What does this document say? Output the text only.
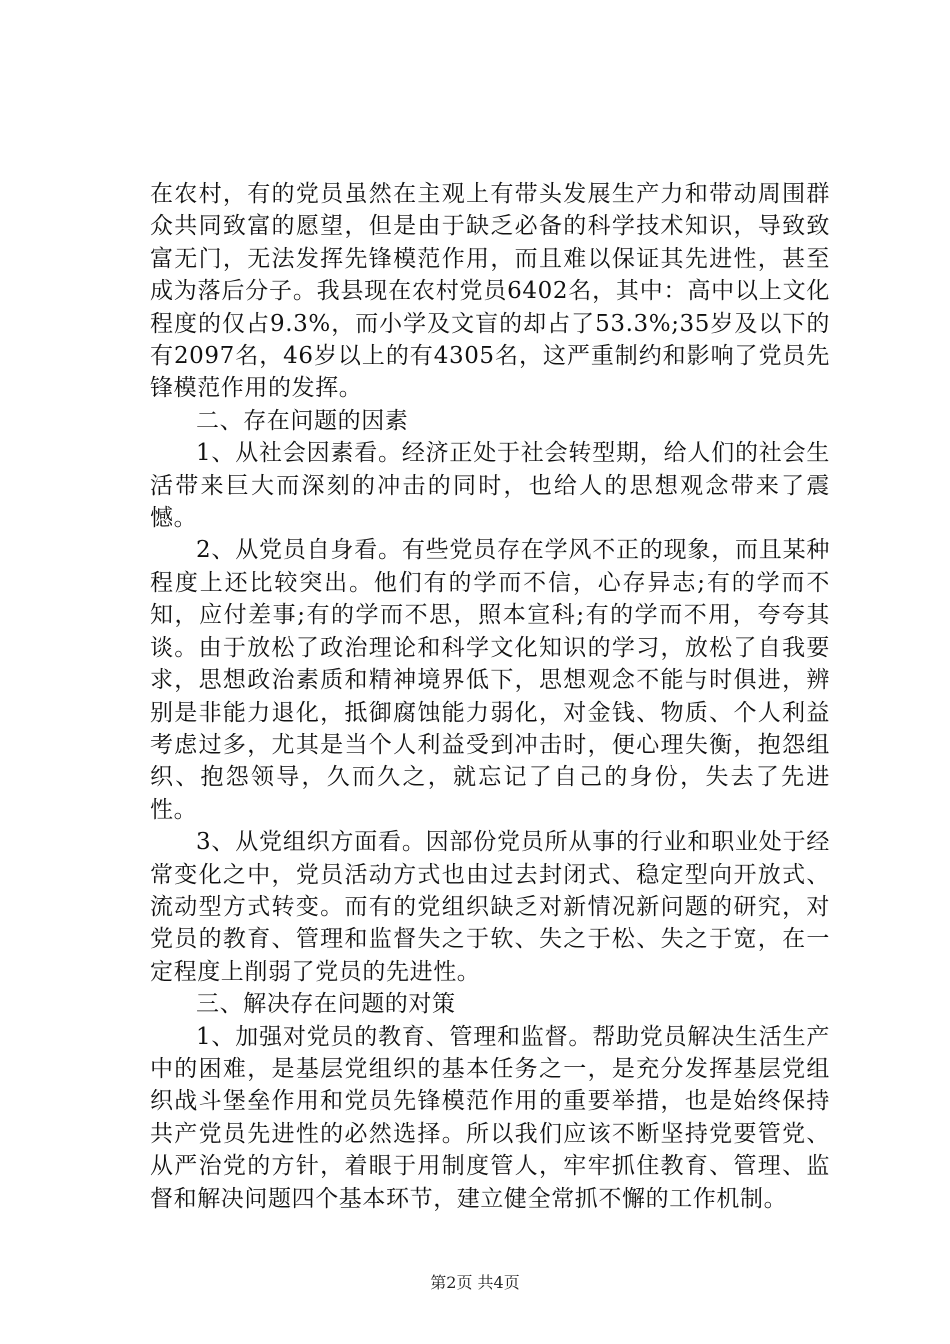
在农村，有的党员虽然在主观上有带头发展生产力和带动周围群众共同致富的愿望，但是由于缺乏必备的科学技术知识，导致致富无门，无法发挥先锋模范作用，而且难以保证其先进性，甚至成为落后分子。我县现在农村党员6402名，其中：高中以上文化程度的仅占9.3%，而小学及文盲的却占了53.3%;35岁及以下的有2097名，46岁以上的有4305名，这严重制约和影响了党员先锋模范作用的发挥。

二、存在问题的因素

1、从社会因素看。经济正处于社会转型期，给人们的社会生活带来巨大而深刻的冲击的同时，也给人的思想观念带来了震憾。

2、从党员自身看。有些党员存在学风不正的现象，而且某种程度上还比较突出。他们有的学而不信，心存异志;有的学而不知，应付差事;有的学而不思，照本宣科;有的学而不用，夸夸其谈。由于放松了政治理论和科学文化知识的学习，放松了自我要求，思想政治素质和精神境界低下，思想观念不能与时俱进，辨别是非能力退化，抵御腐蚀能力弱化，对金钱、物质、个人利益考虑过多，尤其是当个人利益受到冲击时，便心理失衡，抱怨组织、抱怨领导，久而久之，就忘记了自己的身份，失去了先进性。

3、从党组织方面看。因部份党员所从事的行业和职业处于经常变化之中，党员活动方式也由过去封闭式、稳定型向开放式、流动型方式转变。而有的党组织缺乏对新情况新问题的研究，对党员的教育、管理和监督失之于软、失之于松、失之于宽，在一定程度上削弱了党员的先进性。

三、解决存在问题的对策

1、加强对党员的教育、管理和监督。帮助党员解决生活生产中的困难，是基层党组织的基本任务之一，是充分发挥基层党组织战斗堡垒作用和党员先锋模范作用的重要举措，也是始终保持共产党员先进性的必然选择。所以我们应该不断坚持党要管党、从严治党的方针，着眼于用制度管人，牢牢抓住教育、管理、监督和解决问题四个基本环节，建立健全常抓不懈的工作机制。

第2页 共4页
